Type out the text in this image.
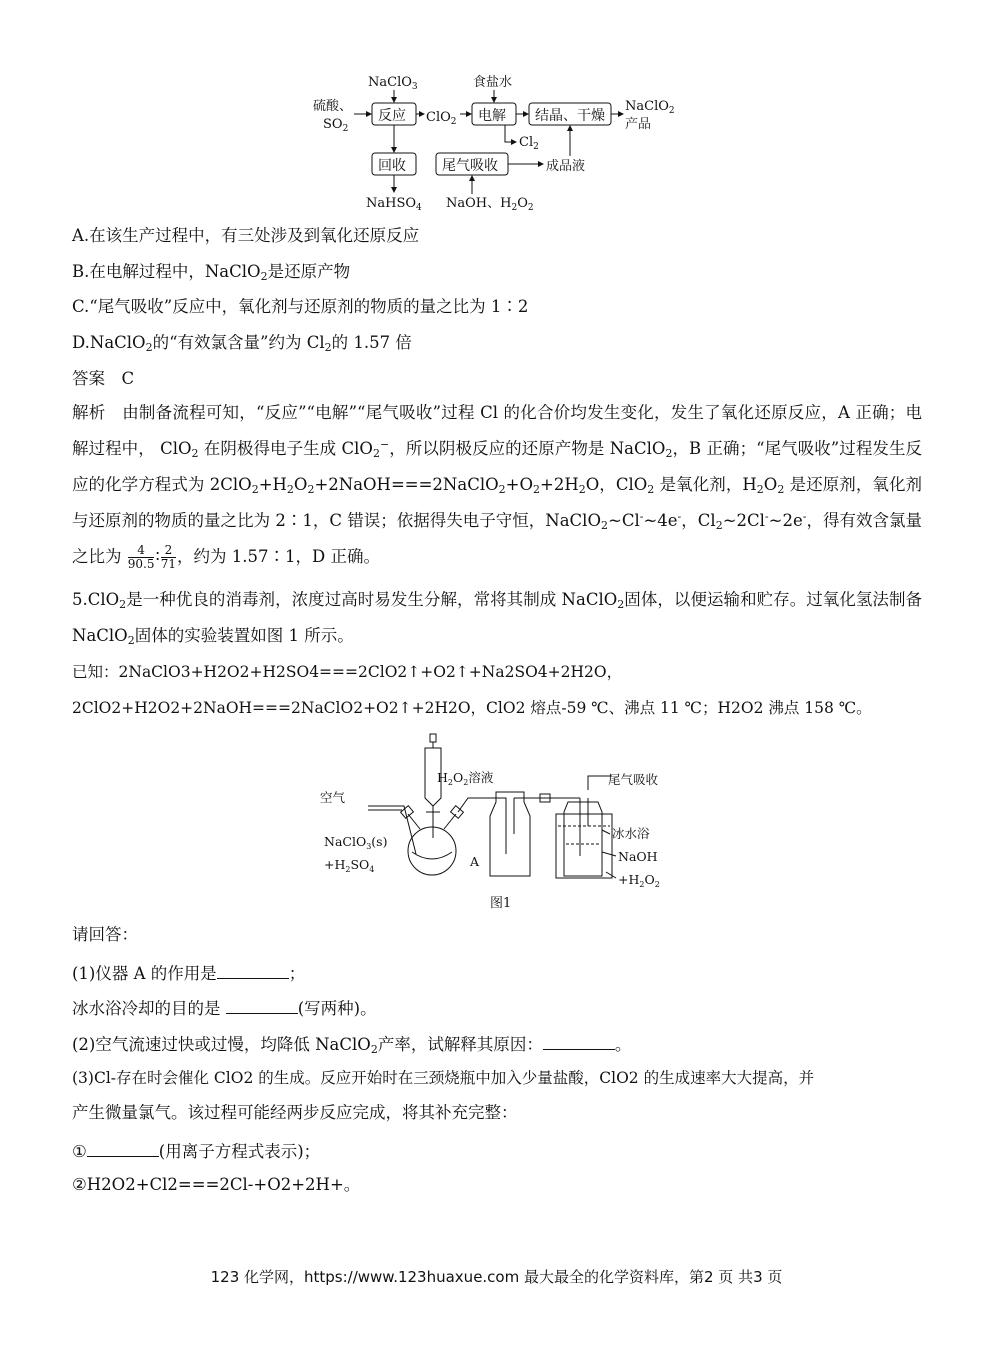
NaClO$_3$	食盐水
硫酸、
$SO_2$
ClO$_2$
NaClO$_2$
产品
$Cl_2$
成品液
NaHSO$_4$ NaOH、$H_2O_2$
反应	电解 结晶、干燥
回收	尾气吸收
A.在该生产过程中，有三处涉及到氧化还原反应
B.在电解过程中，NaClO$_2$是还原产物
C.“尾气吸收”反应中，氧化剂与还原剂的物质的量之比为 1∶2
D.NaClO$_2$的“有效氯含量”约为 $Cl_2$的 1.57 倍
答案　C
解析　 由制备流程可知，“反应”“电解”“尾气吸收”过程 Cl 的化合价均发生变化，发生了氧化还原反应，A 正确；电解过程中， ClO$_2$ 在阴极得电子生成 ClO$_2$−，所以阴极反应的还原产物是 NaClO$_2$，B 正确；“尾气吸收”过程发生反应的化学方程式为 $2ClO_2+H_2O_2+2NaOH===2NaClO_2+O_2+2H_2O$，ClO$_2$ 是氧化剂，$H_2O_2$ 是还原剂，氧化剂与还原剂的物质的量之比为 2∶1，C 错误；依据得失电子守恒，NaClO$_2$~Cl-~4e-，$Cl_2\sim 2Cl^-\sim 2e^-$，得有效含氯量之比为 $\frac{4}{90.5}$ ∶ $\frac{2}{71}$ ，约为 1.57∶1，D 正确。
5.ClO$_2$是一种优良的消毒剂，浓度过高时易发生分解，常将其制成 NaClO$_2$固体，以便运输和贮存。过氧化氢法制备 NaClO$_2$固体的实验装置如图 1 所示。
已知：2NaClO3+H2O2+H2SO4===2ClO2↑+O2↑+Na2SO4+2H2O，
2ClO2+H2O2+2NaOH===2NaClO2+O2↑+2H2O，ClO2 熔点-59 ℃、沸点 11 ℃；H2O2 沸点 158 ℃。
$H_2O_2$溶液	尾气吸收
空气
NaClO$_3$(s)
$+H_2SO_4$
A
冰水浴
NaOH
$+H_2O_2$
图1
请回答：
(1)仪器 A 的作用是	；
冰水浴冷却的目的是	(写两种)。
(2)空气流速过快或过慢，均降低 NaClO$_2$产率，试解释其原因：	。
(3)Cl-存在时会催化 ClO2 的生成。反应开始时在三颈烧瓶中加入少量盐酸，ClO2 的生成速率大大提高，并
产生微量氯气。该过程可能经两步反应完成，将其补充完整：
①	(用离子方程式表示)；
②H2O2+Cl2===2Cl-+O2+2H+。
123 化学网，https://www.123huaxue.com 最大最全的化学资料库，第2 页 共3 页
